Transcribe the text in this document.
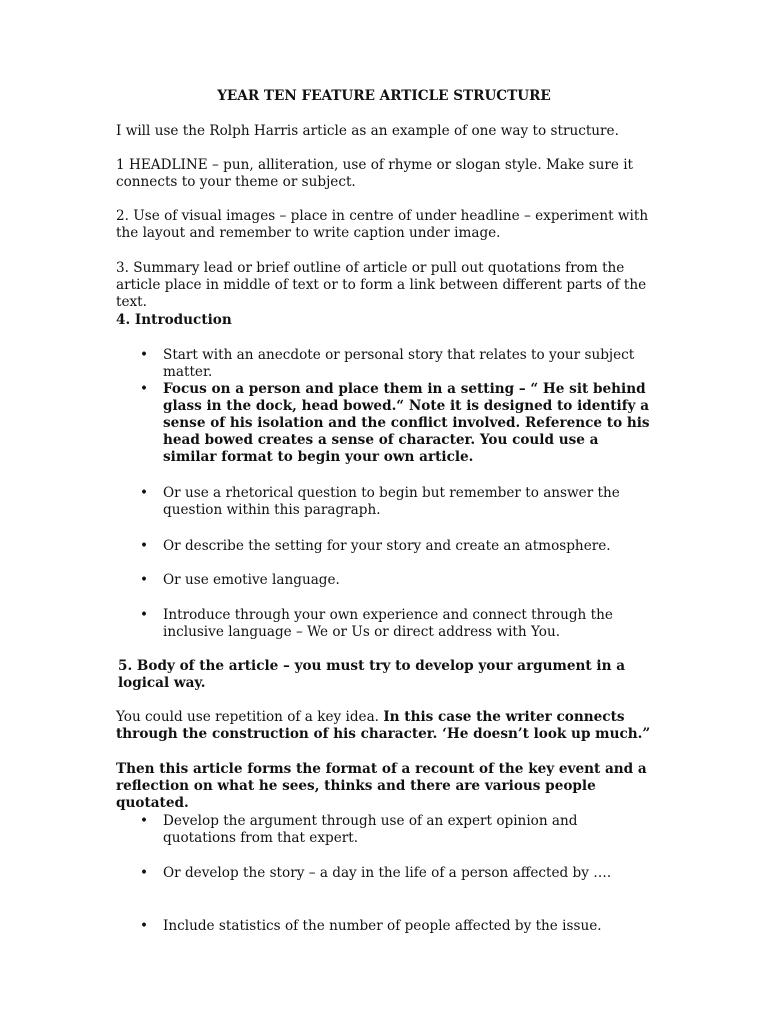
YEAR TEN FEATURE ARTICLE STRUCTURE

I will use the Rolph Harris article as an example of one way to structure.

1 HEADLINE – pun, alliteration, use of rhyme or slogan style. Make sure it connects to your theme or subject.

2. Use of visual images – place in centre of under headline – experiment with the layout and remember to write caption under image.

3. Summary lead or brief outline of article or pull out quotations from the article place in middle of text or to form a link between different parts of the text.

4. Introduction

• Start with an anecdote or personal story that relates to your subject matter.
• Focus on a person and place them in a setting – “ He sit behind glass in the dock, head bowed.“ Note it is designed to identify a sense of his isolation and the conflict involved. Reference to his head bowed creates a sense of character. You could use a similar format to begin your own article.
• Or use a rhetorical question to begin but remember to answer the question within this paragraph.
• Or describe the setting for your story and create an atmosphere.
• Or use emotive language.
• Introduce through your own experience and connect through the inclusive language – We or Us or direct address with You.

5. Body of the article – you must try to develop your argument in a logical way.

You could use repetition of a key idea. In this case the writer connects through the construction of his character. ‘He doesn’t look up much.”

Then this article forms the format of a recount of the key event and a reflection on what he sees, thinks and there are various people quotated.

• Develop the argument through use of an expert opinion and quotations from that expert.
• Or develop the story – a day in the life of a person affected by ….
• Include statistics of the number of people affected by the issue.
